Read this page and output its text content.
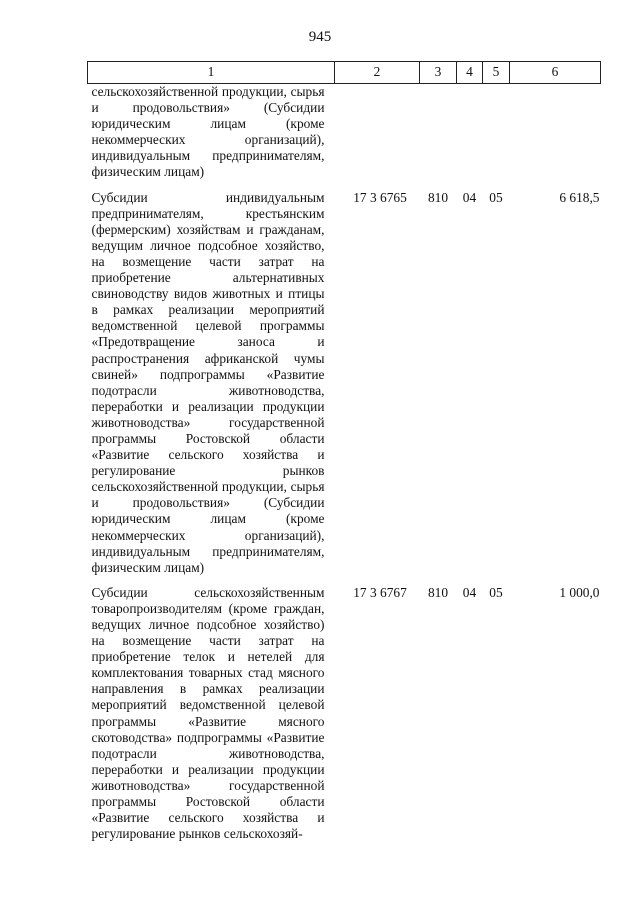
945
1	2	3	4	5	6
сельскохозяйственной продукции, сырья и продовольствия» (Субсидии юридическим лицам (кроме некоммерческих организаций), индивидуальным предпринимателям, физическим лицам)					
Субсидии индивидуальным предпринимателям, крестьянским (фермерским) хозяйствам и гражданам, ведущим личное подсобное хозяйство, на возмещение части затрат на приобретение альтернативных свиноводству видов животных и птицы в рамках реализации мероприятий ведомственной целевой программы «Предотвращение заноса и распространения африканской чумы свиней» подпрограммы «Развитие подотрасли животноводства, переработки и реализации продукции животноводства» государственной программы Ростовской области «Развитие сельского хозяйства и регулирование рынков сельскохозяйственной продукции, сырья и продовольствия» (Субсидии юридическим лицам (кроме некоммерческих организаций), индивидуальным предпринимателям, физическим лицам)	17 3 6765	810	04	05	6 618,5
Субсидии сельскохозяйственным товаропроизводителям (кроме граждан, ведущих личное подсобное хозяйство) на возмещение части затрат на приобретение телок и нетелей для комплектования товарных стад мясного направления в рамках реализации мероприятий ведомственной целевой программы «Развитие мясного скотоводства» подпрограммы «Развитие подотрасли животноводства, переработки и реализации продукции животноводства» государственной программы Ростовской области «Развитие сельского хозяйства и регулирование рынков сельскохозяй-	17 3 6767	810	04	05	1 000,0
